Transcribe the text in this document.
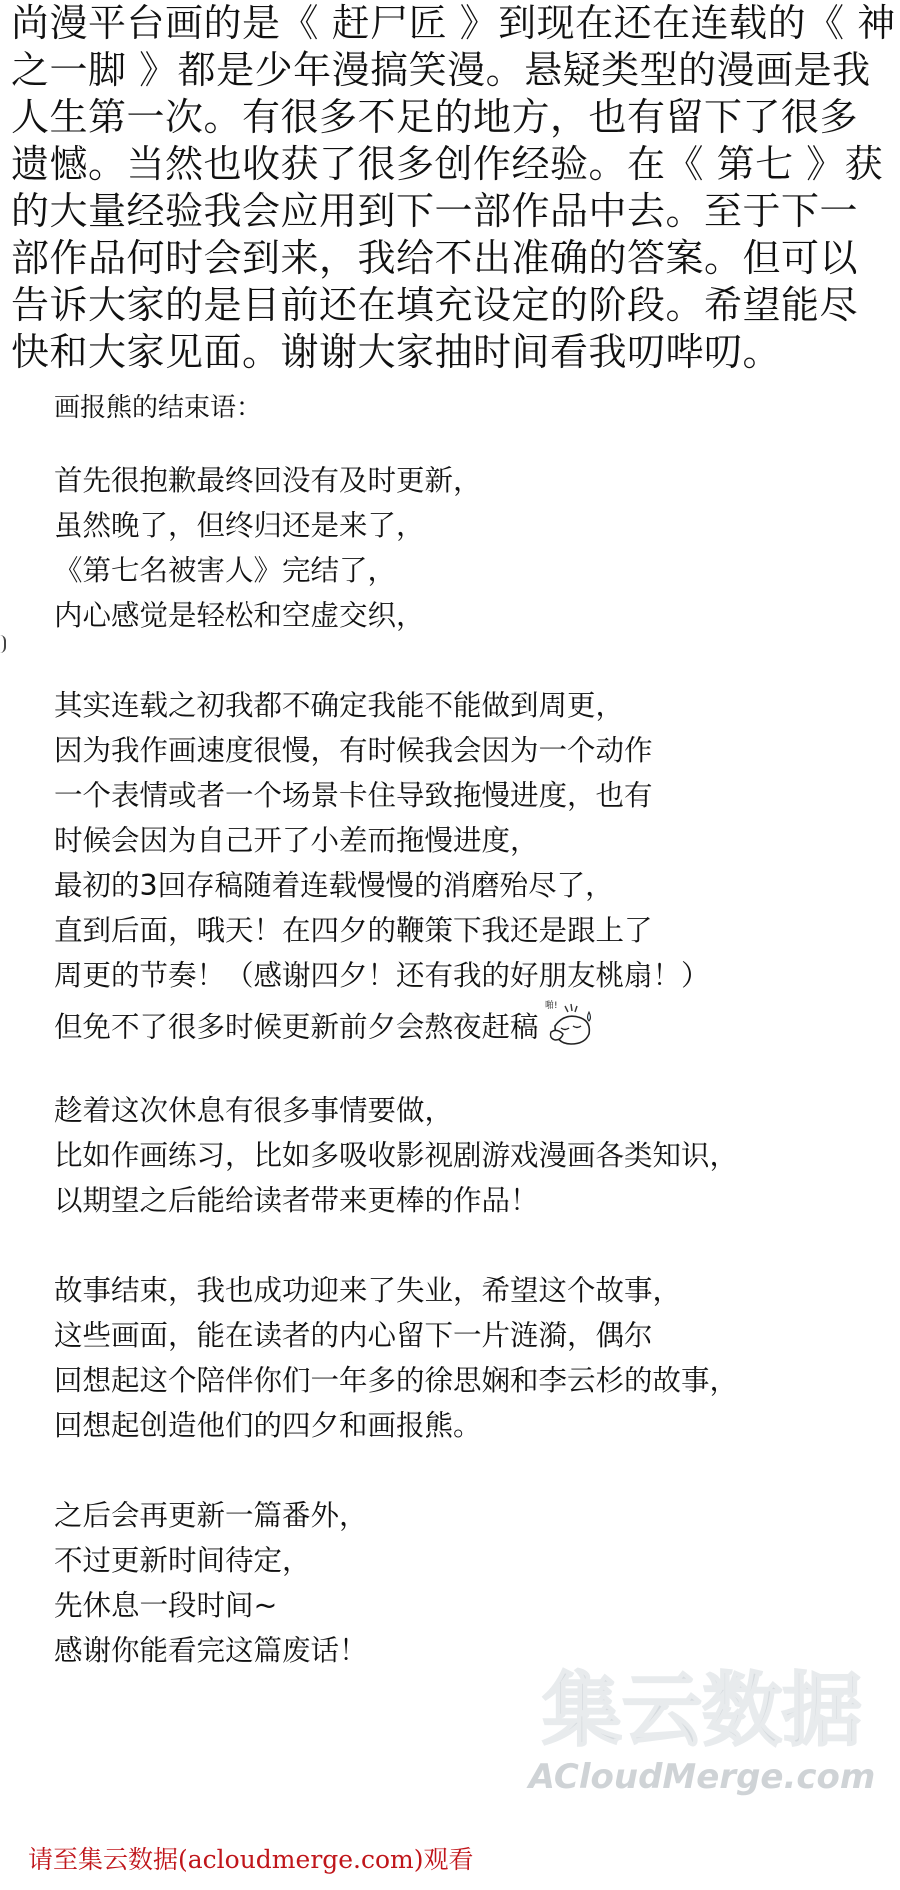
尚漫平台画的是《 赶尸匠 》到现在还在连载的《 神
之一脚 》都是少年漫搞笑漫。悬疑类型的漫画是我
人生第一次。有很多不足的地方，也有留下了很多
遗憾。当然也收获了很多创作经验。在《 第七 》获
的大量经验我会应用到下一部作品中去。至于下一
部作品何时会到来，我给不出准确的答案。但可以
告诉大家的是目前还在填充设定的阶段。希望能尽
快和大家见面。谢谢大家抽时间看我叨哔叨。
画报熊的结束语：
首先很抱歉最终回没有及时更新，
虽然晚了，但终归还是来了，
《第七名被害人》完结了，
内心感觉是轻松和空虚交织，
其实连载之初我都不确定我能不能做到周更，
因为我作画速度很慢，有时候我会因为一个动作
一个表情或者一个场景卡住导致拖慢进度，也有
时候会因为自己开了小差而拖慢进度，
最初的3回存稿随着连载慢慢的消磨殆尽了，
直到后面，哦天！在四夕的鞭策下我还是跟上了
周更的节奏！（感谢四夕！还有我的好朋友桃扇！）
但免不了很多时候更新前夕会熬夜赶稿
啪!
趁着这次休息有很多事情要做，
比如作画练习，比如多吸收影视剧游戏漫画各类知识，
以期望之后能给读者带来更棒的作品！
故事结束，我也成功迎来了失业，希望这个故事，
这些画面，能在读者的内心留下一片涟漪，偶尔
回想起这个陪伴你们一年多的徐思娴和李云杉的故事，
回想起创造他们的四夕和画报熊。
之后会再更新一篇番外，
不过更新时间待定，
先休息一段时间~
感谢你能看完这篇废话！
集云数据
ACloudMerge.com
请至集云数据(acloudmerge.com)观看
